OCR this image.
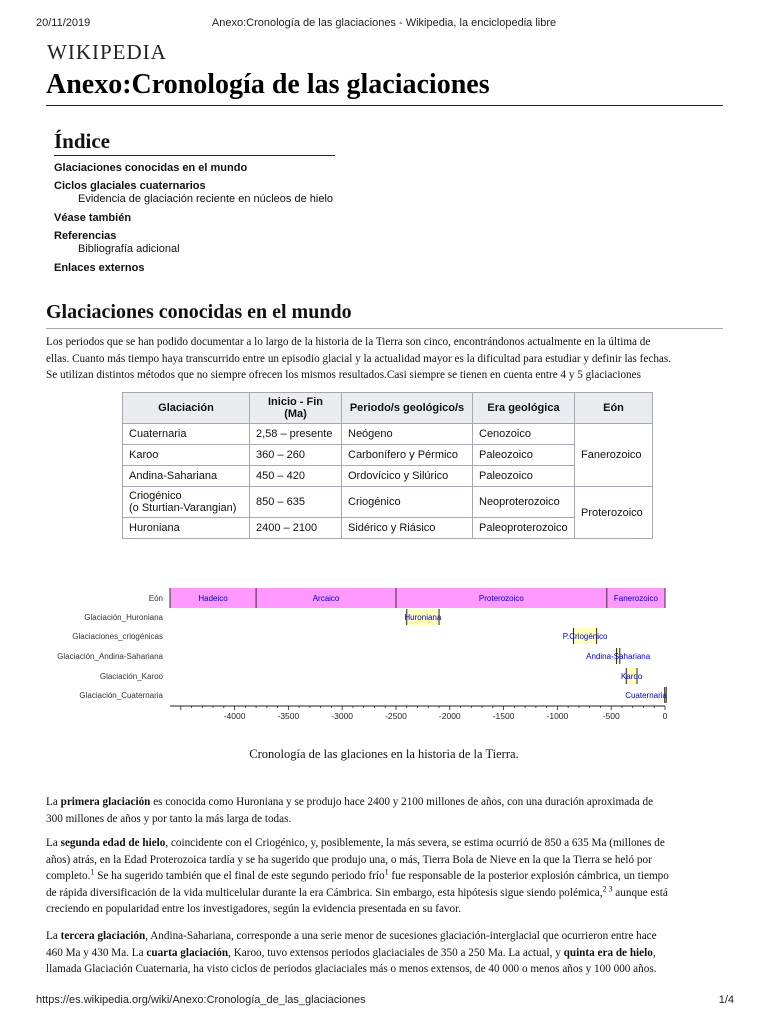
20/11/2019	Anexo:Cronología de las glaciaciones - Wikipedia, la enciclopedia libre
WIKIPEDIA
Anexo:Cronología de las glaciaciones
Índice
Glaciaciones conocidas en el mundo
Ciclos glaciales cuaternarios
Evidencia de glaciación reciente en núcleos de hielo
Véase también
Referencias
Bibliografía adicional
Enlaces externos
Glaciaciones conocidas en el mundo
Los periodos que se han podido documentar a lo largo de la historia de la Tierra son cinco, encontrándonos actualmente en la última de
ellas. Cuanto más tiempo haya transcurrido entre un episodio glacial y la actualidad mayor es la dificultad para estudiar y definir las fechas.
Se utilizan distintos métodos que no siempre ofrecen los mismos resultados.Casi siempre se tienen en cuenta entre 4 y 5 glaciaciones
Glaciación	Inicio - Fin (Ma)	Periodo/s geológico/s	Era geológica	Eón
Cuaternaria	2,58 – presente	Neógeno	Cenozoico	Fanerozoico
Karoo	360 – 260	Carbonífero y Pérmico	Paleozoico	
Andina-Sahariana	450 – 420	Ordovícico y Silúrico	Paleozoico	
Criogénico
(o Sturtian-Varangian)	850 – 635	Criogénico	Neoproterozoico	Proterozoico
Huroniana	2400 – 2100	Sidérico y Riásico	Paleoproterozoico	
Eón
Glaciación_Huroniana
Glaciaciones_criogénicas
Glaciación_Andina-Sahariana
Glaciación_Karoo
Glaciación_Cuaternaria
Hadeico	Arcaico	Proterozoico	Fanerozoico
Huroniana
P.Criogénico
Andina-Sahariana
Karoo
Cuaternaria
-4000	-3500	-3000	-2500	-2000	-1500	-1000	-500	0
Cronología de las glaciones en la historia de la Tierra.
La primera glaciación es conocida como Huroniana y se produjo hace 2400 y 2100 millones de años, con una duración aproximada de
300 millones de años y por tanto la más larga de todas.
La segunda edad de hielo, coincidente con el Criogénico, y, posiblemente, la más severa, se estima ocurrió de 850 a 635 Ma (millones de
años) atrás, en la Edad Proterozoica tardía y se ha sugerido que produjo una, o más, Tierra Bola de Nieve en la que la Tierra se heló por
completo.$^1$ Se ha sugerido también que el final de este segundo periodo frío$^1$ fue responsable de la posterior explosión cámbrica, un tiempo
de rápida diversificación de la vida multicelular durante la era Cámbrica. Sin embargo, esta hipótesis sigue siendo polémica,$^{2 3}$ aunque está
creciendo en popularidad entre los investigadores, según la evidencia presentada en su favor.
La tercera glaciación, Andina-Sahariana, corresponde a una serie menor de sucesiones glaciación-interglacial que ocurrieron entre hace
460 Ma y 430 Ma. La cuarta glaciación, Karoo, tuvo extensos periodos glaciaciales de 350 a 250 Ma. La actual, y quinta era de hielo,
llamada Glaciación Cuaternaria, ha visto ciclos de periodos glaciaciales más o menos extensos, de 40 000 o menos años y 100 000 años.
https://es.wikipedia.org/wiki/Anexo:Cronología_de_las_glaciaciones	1/4
